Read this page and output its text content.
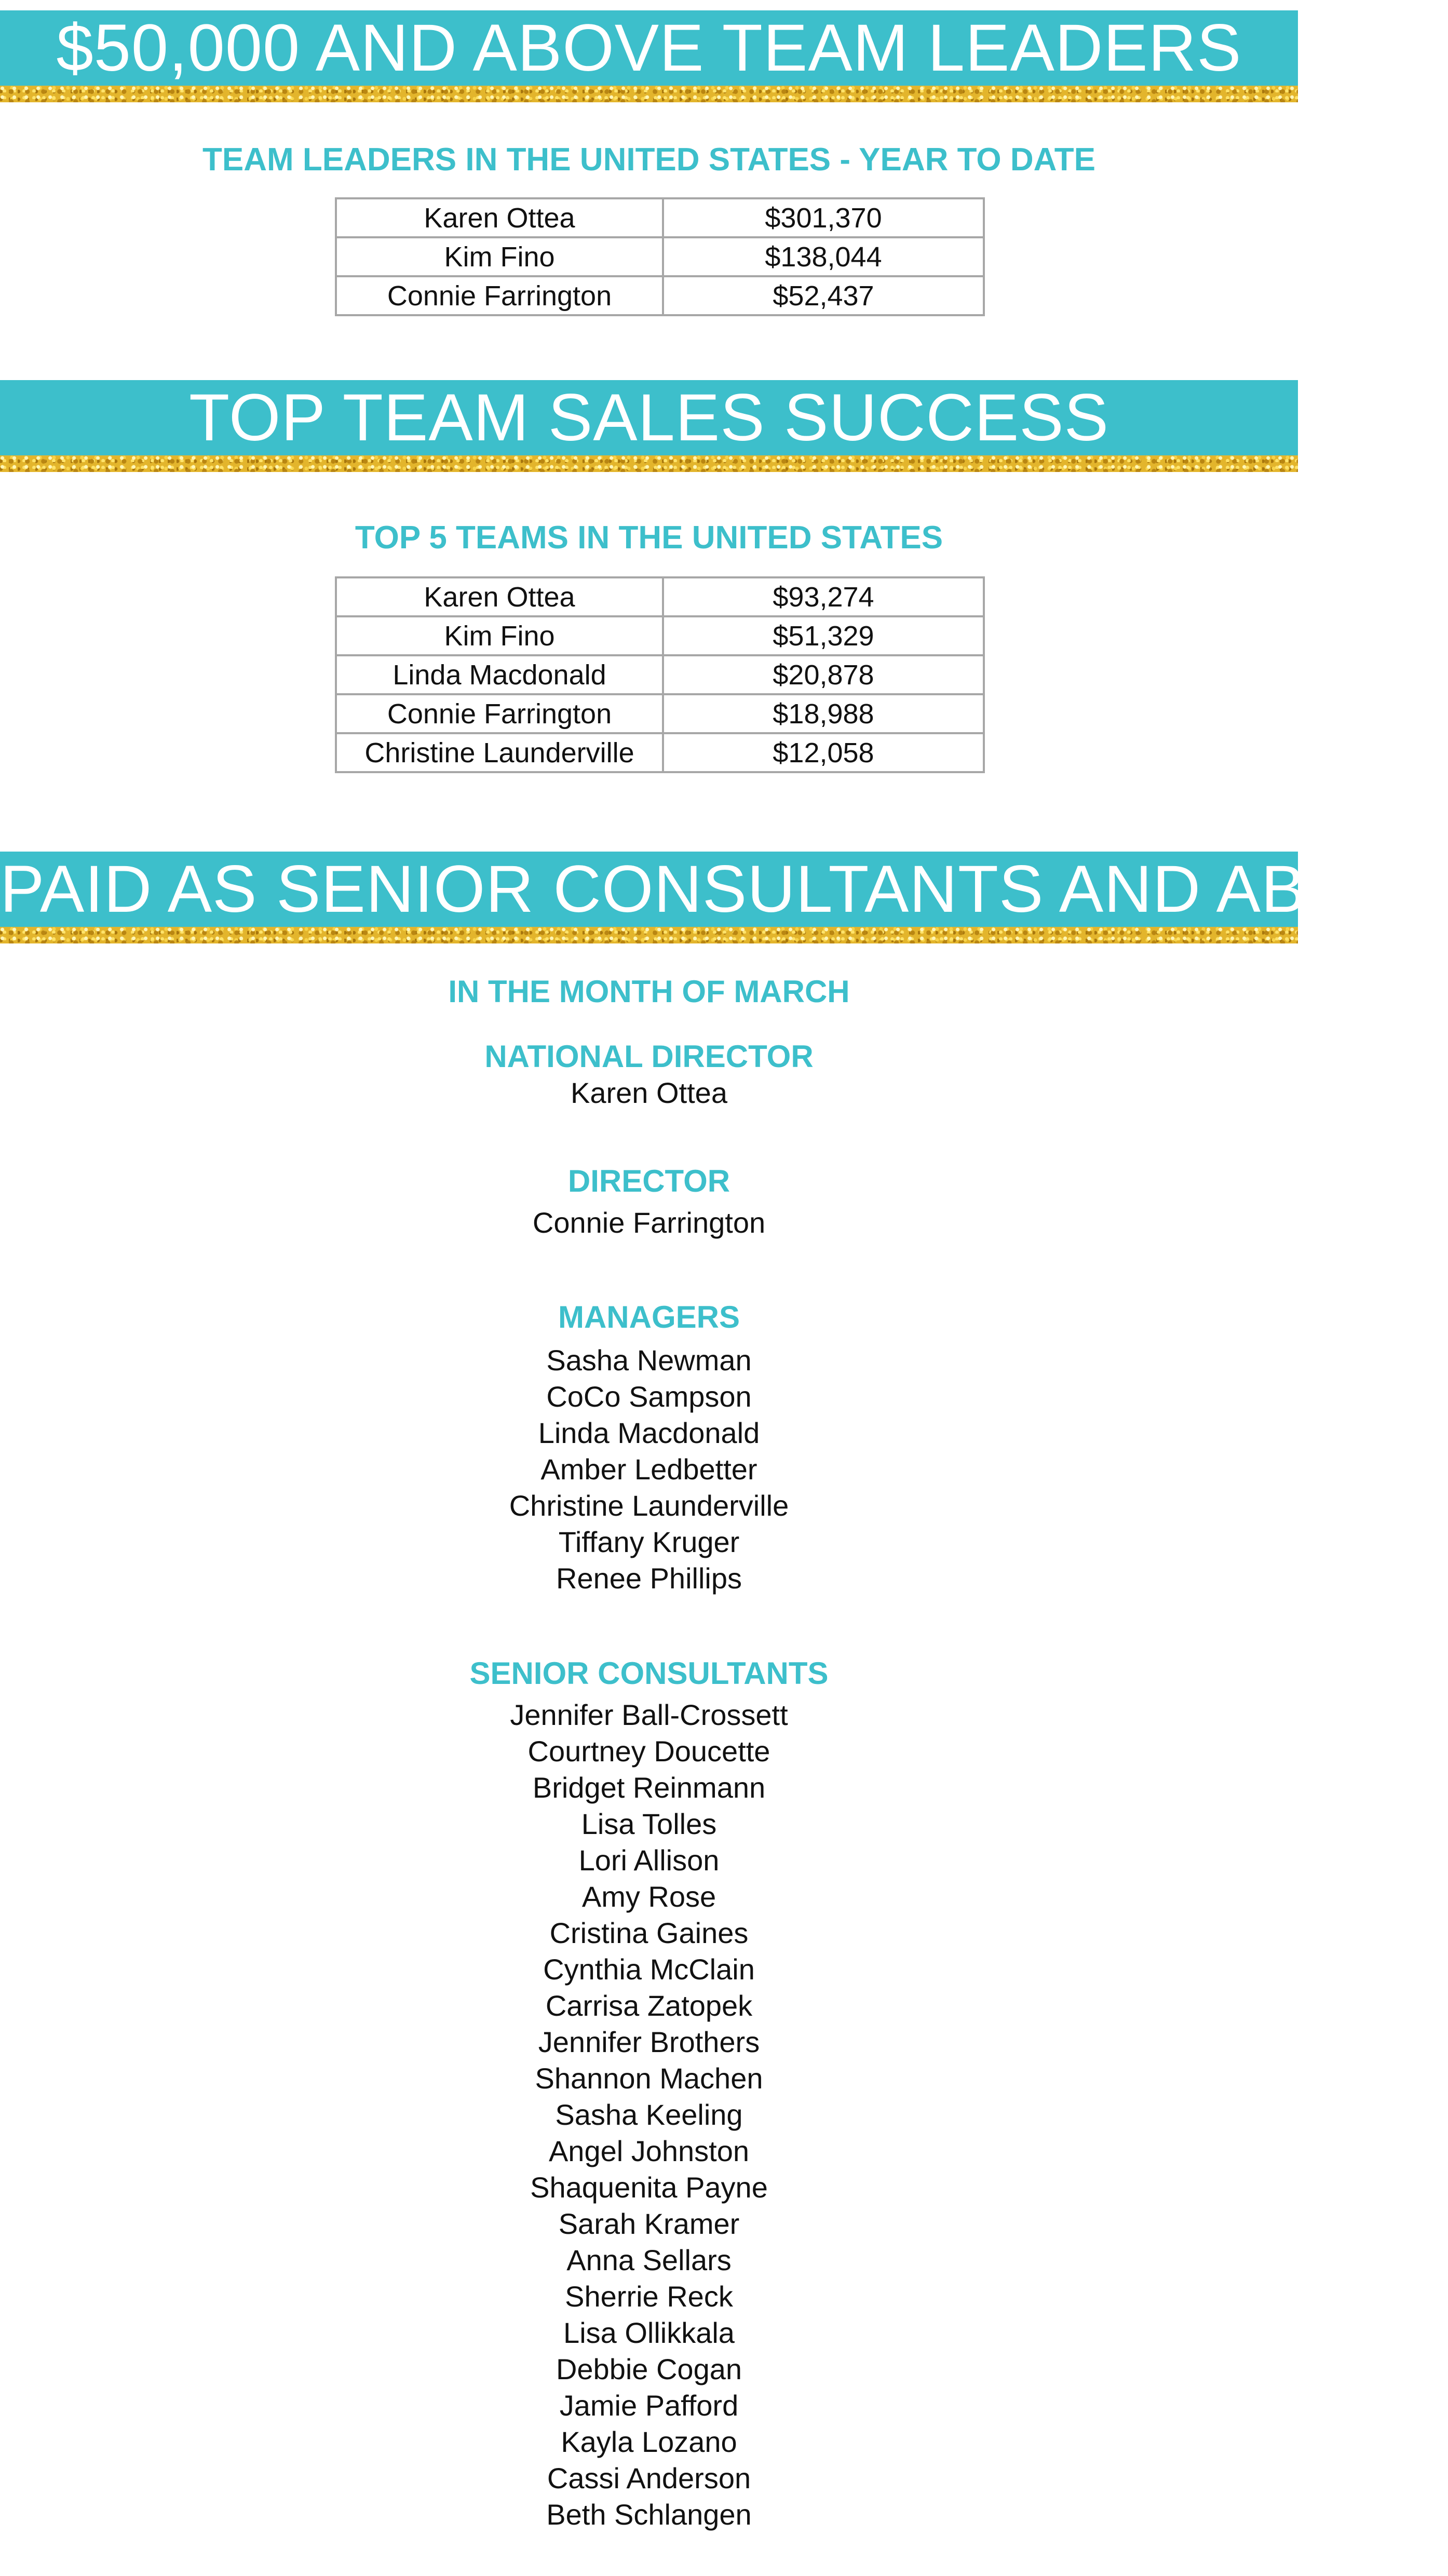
$50,000 AND ABOVE TEAM LEADERS
TEAM LEADERS IN THE UNITED STATES - YEAR TO DATE
Karen Ottea	$301,370
Kim Fino	$138,044
Connie Farrington	$52,437
TOP TEAM SALES SUCCESS
TOP 5 TEAMS IN THE UNITED STATES
Karen Ottea	$93,274
Kim Fino	$51,329
Linda Macdonald	$20,878
Connie Farrington	$18,988
Christine Launderville	$12,058
PAID AS SENIOR CONSULTANTS AND ABOVE
IN THE MONTH OF MARCH
NATIONAL DIRECTOR
Karen Ottea
DIRECTOR
Connie Farrington
MANAGERS
Sasha Newman
CoCo Sampson
Linda Macdonald
Amber Ledbetter
Christine Launderville
Tiffany Kruger
Renee Phillips
SENIOR CONSULTANTS
Jennifer Ball-Crossett
Courtney Doucette
Bridget Reinmann
Lisa Tolles
Lori Allison
Amy Rose
Cristina Gaines
Cynthia McClain
Carrisa Zatopek
Jennifer Brothers
Shannon Machen
Sasha Keeling
Angel Johnston
Shaquenita Payne
Sarah Kramer
Anna Sellars
Sherrie Reck
Lisa Ollikkala
Debbie Cogan
Jamie Pafford
Kayla Lozano
Cassi Anderson
Beth Schlangen
